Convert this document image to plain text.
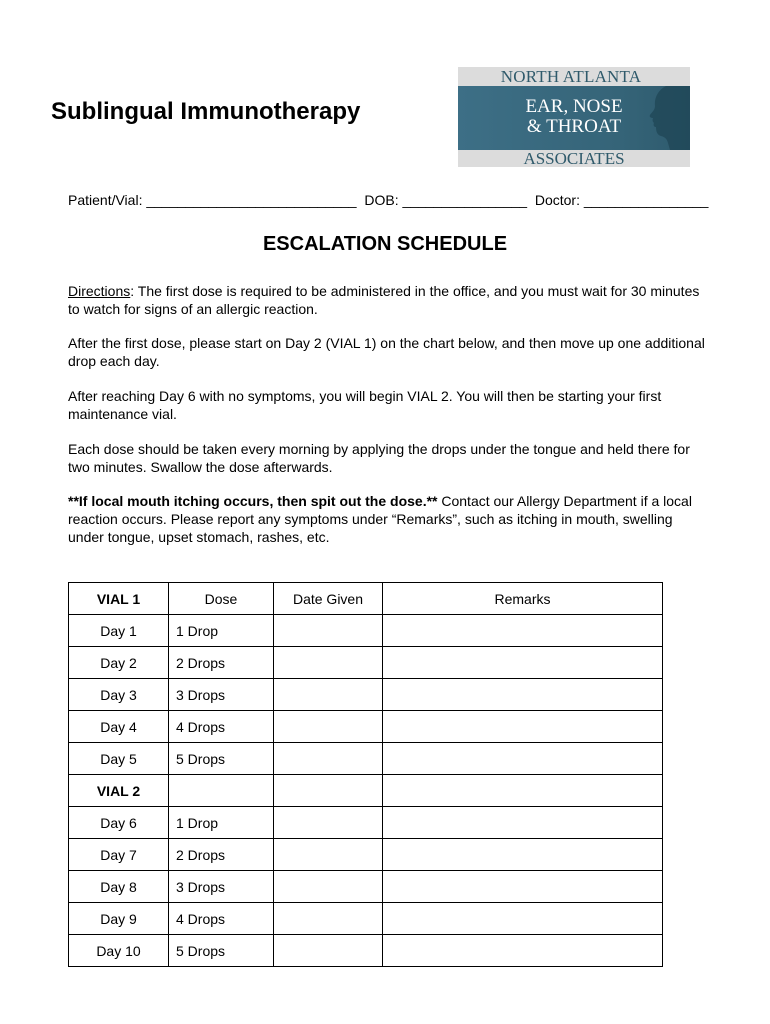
Sublingual Immunotherapy
NORTH ATLANTA
EAR, NOSE
& THROAT
ASSOCIATES
Patient/Vial: ___________________________ DOB: ________________ Doctor: ________________
ESCALATION SCHEDULE

Directions: The first dose is required to be administered in the office, and you must wait for 30 minutes to watch for signs of an allergic reaction.

After the first dose, please start on Day 2 (VIAL 1) on the chart below, and then move up one additional drop each day.

After reaching Day 6 with no symptoms, you will begin VIAL 2. You will then be starting your first maintenance vial.

Each dose should be taken every morning by applying the drops under the tongue and held there for two minutes. Swallow the dose afterwards.

**If local mouth itching occurs, then spit out the dose.** Contact our Allergy Department if a local reaction occurs. Please report any symptoms under “Remarks”, such as itching in mouth, swelling under tongue, upset stomach, rashes, etc.

VIAL 1	Dose	Date Given	Remarks
Day 1	1 Drop		
Day 2	2 Drops		
Day 3	3 Drops		
Day 4	4 Drops		
Day 5	5 Drops		
VIAL 2			
Day 6	1 Drop		
Day 7	2 Drops		
Day 8	3 Drops		
Day 9	4 Drops		
Day 10	5 Drops		
